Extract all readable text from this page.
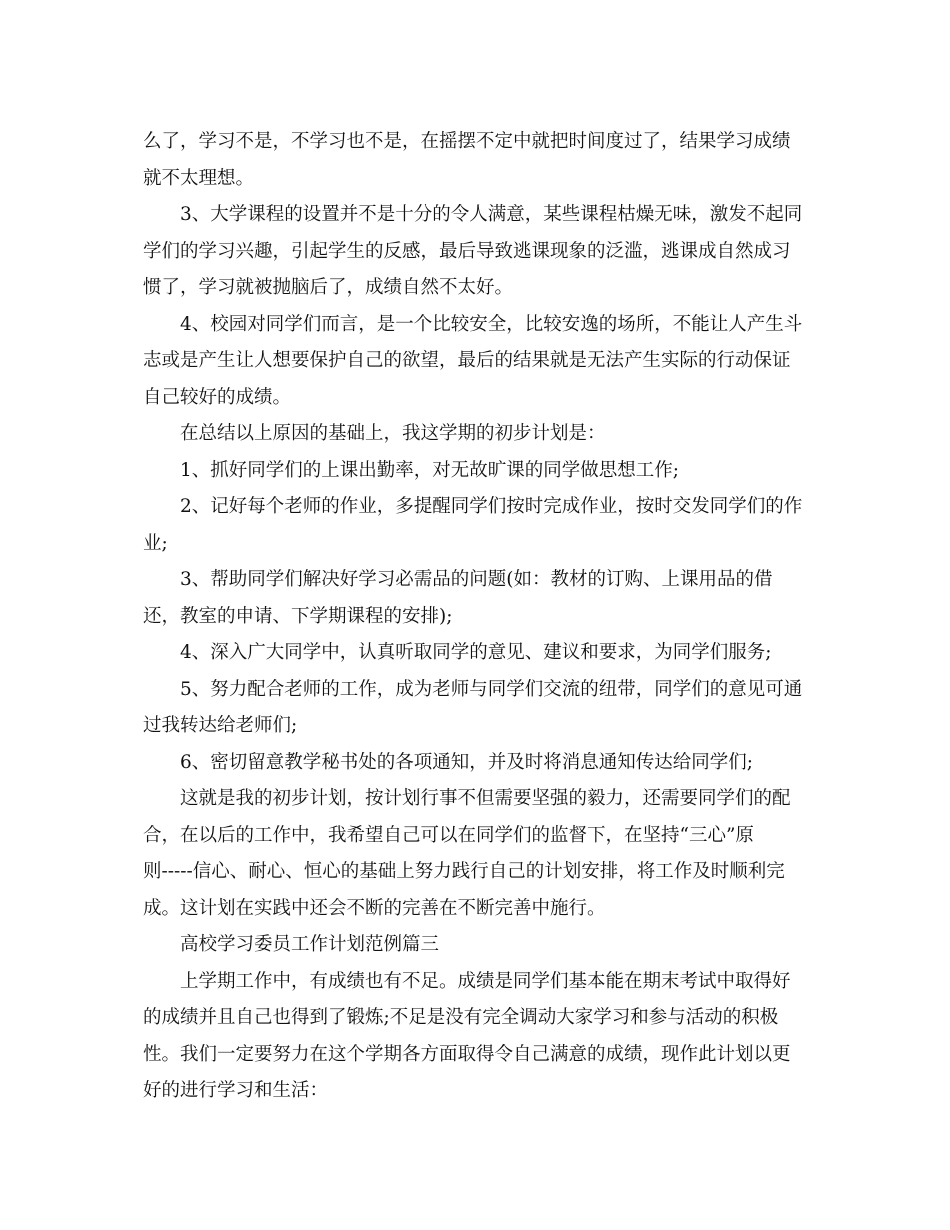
么了，学习不是，不学习也不是，在摇摆不定中就把时间度过了，结果学习成绩
就不太理想。
3、大学课程的设置并不是十分的令人满意，某些课程枯燥无味，激发不起同
学们的学习兴趣，引起学生的反感，最后导致逃课现象的泛滥，逃课成自然成习
惯了，学习就被抛脑后了，成绩自然不太好。
4、校园对同学们而言，是一个比较安全，比较安逸的场所，不能让人产生斗
志或是产生让人想要保护自己的欲望，最后的结果就是无法产生实际的行动保证
自己较好的成绩。
在总结以上原因的基础上，我这学期的初步计划是：
1、抓好同学们的上课出勤率，对无故旷课的同学做思想工作;
2、记好每个老师的作业，多提醒同学们按时完成作业，按时交发同学们的作
业;
3、帮助同学们解决好学习必需品的问题(如：教材的订购、上课用品的借
还，教室的申请、下学期课程的安排);
4、深入广大同学中，认真听取同学的意见、建议和要求，为同学们服务;
5、努力配合老师的工作，成为老师与同学们交流的纽带，同学们的意见可通
过我转达给老师们;
6、密切留意教学秘书处的各项通知，并及时将消息通知传达给同学们;
这就是我的初步计划，按计划行事不但需要坚强的毅力，还需要同学们的配
合，在以后的工作中，我希望自己可以在同学们的监督下，在坚持“三心”原
则-----信心、耐心、恒心的基础上努力践行自己的计划安排，将工作及时顺利完
成。这计划在实践中还会不断的完善在不断完善中施行。
高校学习委员工作计划范例篇三
上学期工作中，有成绩也有不足。成绩是同学们基本能在期末考试中取得好
的成绩并且自己也得到了锻炼;不足是没有完全调动大家学习和参与活动的积极
性。我们一定要努力在这个学期各方面取得令自己满意的成绩，现作此计划以更
好的进行学习和生活：
